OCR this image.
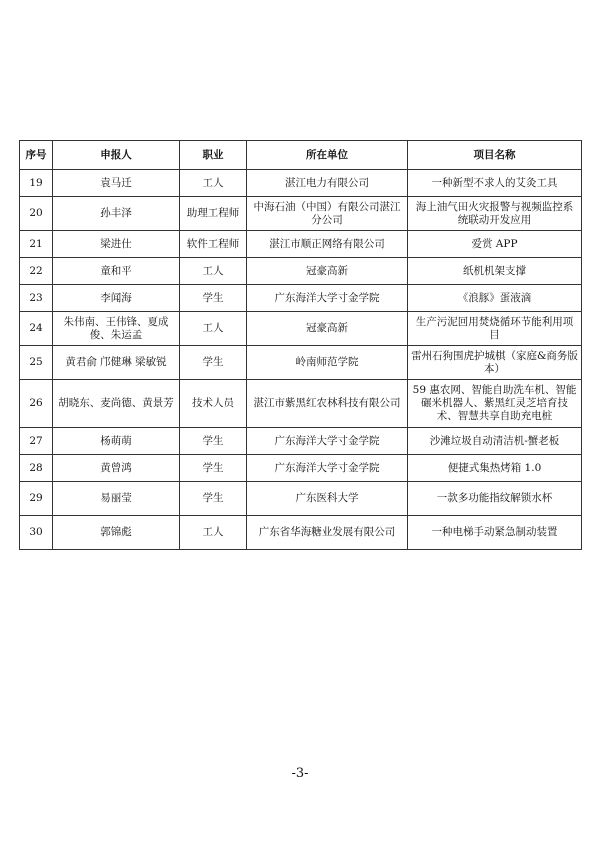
序号	申报人	职业	所在单位	项目名称
19	袁马迁	工人	湛江电力有限公司	一种新型不求人的艾灸工具
20	孙丰泽	助理工程师	中海石油（中国）有限公司湛江分公司	海上油气田火灾报警与视频监控系统联动开发应用
21	梁进仕	软件工程师	湛江市顺正网络有限公司	爱赏 APP
22	童和平	工人	冠豪高新	纸机机架支撑
23	李闻海	学生	广东海洋大学寸金学院	《浪豚》蛋液滴
24	朱伟南、王伟锋、夏成俊、朱运孟	工人	冠豪高新	生产污泥回用焚烧循环节能利用项目
25	黄君俞 邝健琳 梁敏锐	学生	岭南师范学院	雷州石狗围虎护城棋（家庭&商务版本）
26	胡晓东、麦尚德、黄景芳	技术人员	湛江市紫黑红农林科技有限公司	59 惠农网、智能自助洗车机、智能碾米机器人、紫黑红灵芝培育技术、智慧共享自助充电桩
27	杨萌萌	学生	广东海洋大学寸金学院	沙滩垃圾自动清洁机-蟹老板
28	黄曾鸿	学生	广东海洋大学寸金学院	便捷式集热烤箱 1.0
29	易丽莹	学生	广东医科大学	一款多功能指纹解锁水杯
30	郭锦彪	工人	广东省华海糖业发展有限公司	一种电梯手动紧急制动装置
-3-
